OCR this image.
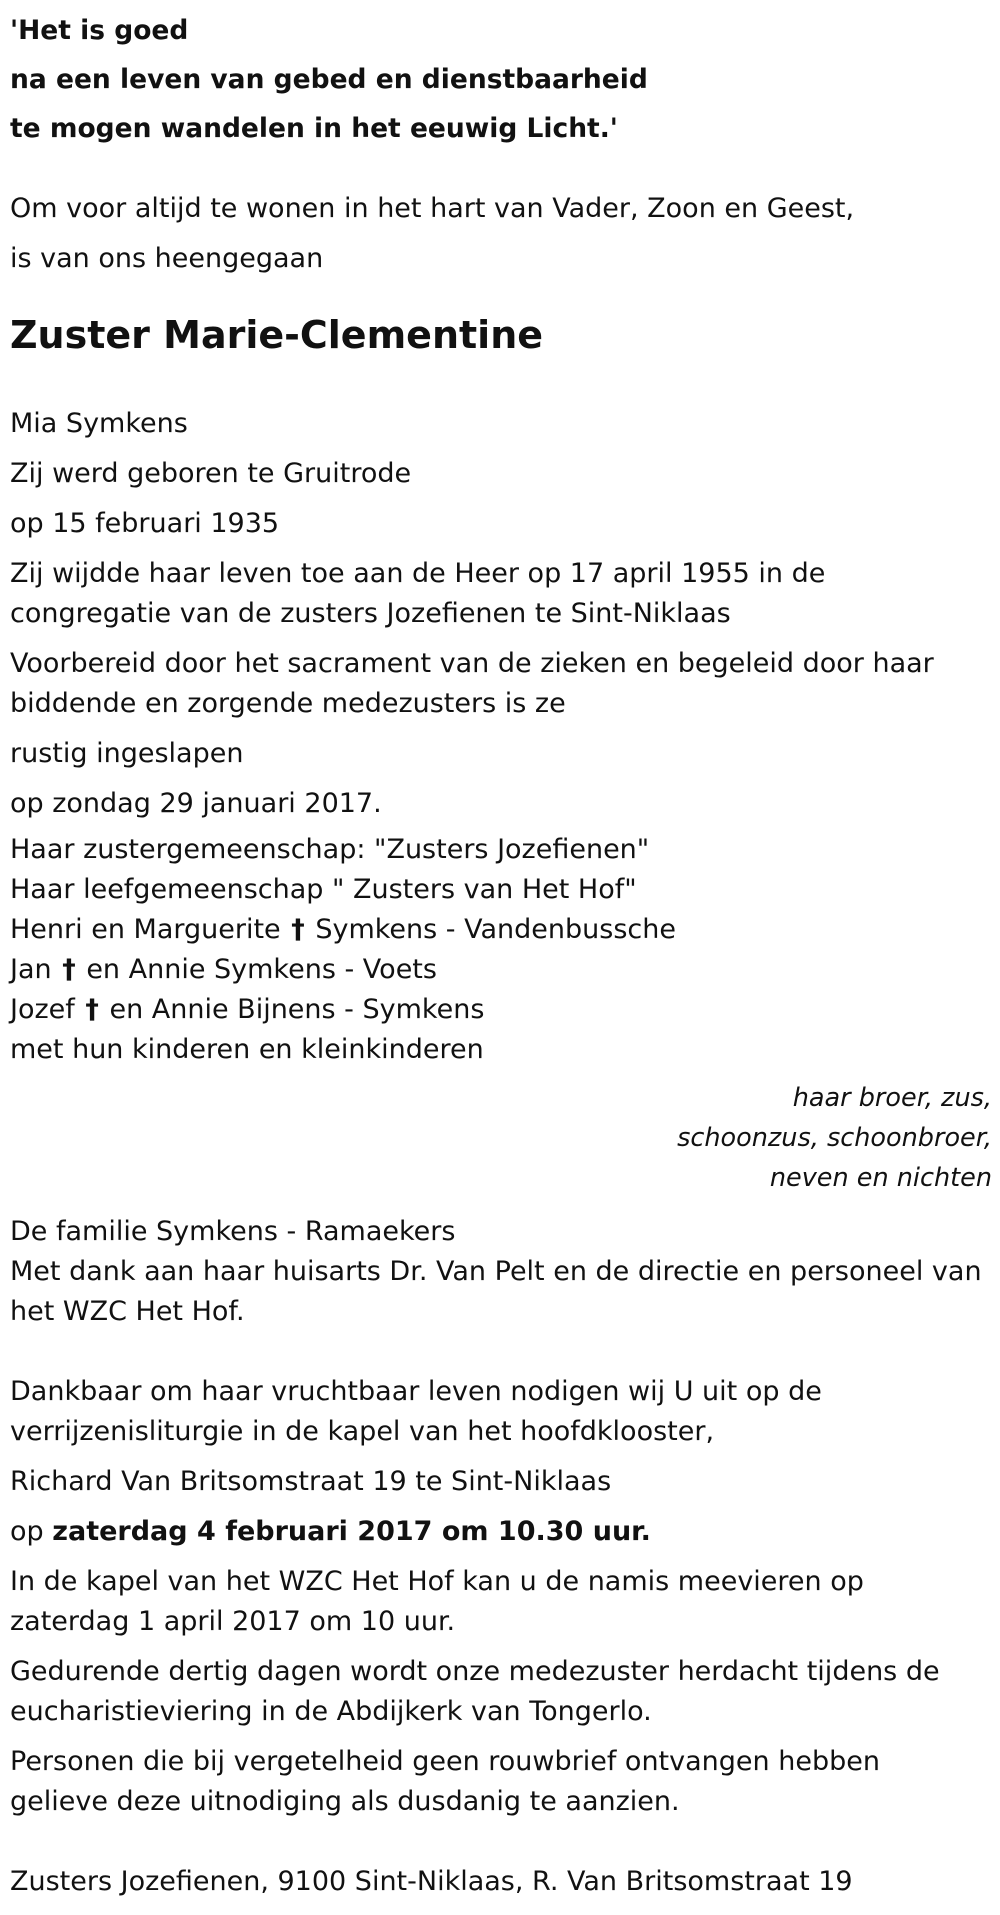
'Het is goed

na een leven van gebed en dienstbaarheid

te mogen wandelen in het eeuwig Licht.'

Om voor altijd te wonen in het hart van Vader, Zoon en Geest,

is van ons heengegaan

Zuster Marie-Clementine

Mia Symkens

Zij werd geboren te Gruitrode

op 15 februari 1935

Zij wijdde haar leven toe aan de Heer op 17 april 1955 in de congregatie van de zusters Jozefienen te Sint-Niklaas

Voorbereid door het sacrament van de zieken en begeleid door haar biddende en zorgende medezusters is ze

rustig ingeslapen

op zondag 29 januari 2017.

Haar zustergemeenschap: "Zusters Jozefienen"

Haar leefgemeenschap " Zusters van Het Hof"

Henri en Marguerite † Symkens - Vandenbussche

Jan † en Annie Symkens - Voets

Jozef † en Annie Bijnens - Symkens

met hun kinderen en kleinkinderen

haar broer, zus, schoonzus, schoonbroer, neven en nichten

De familie Symkens - Ramaekers

Met dank aan haar huisarts Dr. Van Pelt en de directie en personeel van het WZC Het Hof.

Dankbaar om haar vruchtbaar leven nodigen wij U uit op de verrijzenisliturgie in de kapel van het hoofdklooster,

Richard Van Britsomstraat 19 te Sint-Niklaas

op zaterdag 4 februari 2017 om 10.30 uur.

In de kapel van het WZC Het Hof kan u de namis meevieren op zaterdag 1 april 2017 om 10 uur.

Gedurende dertig dagen wordt onze medezuster herdacht tijdens de eucharistieviering in de Abdijkerk van Tongerlo.

Personen die bij vergetelheid geen rouwbrief ontvangen hebben gelieve deze uitnodiging als dusdanig te aanzien.

Zusters Jozefienen, 9100 Sint-Niklaas, R. Van Britsomstraat 19
